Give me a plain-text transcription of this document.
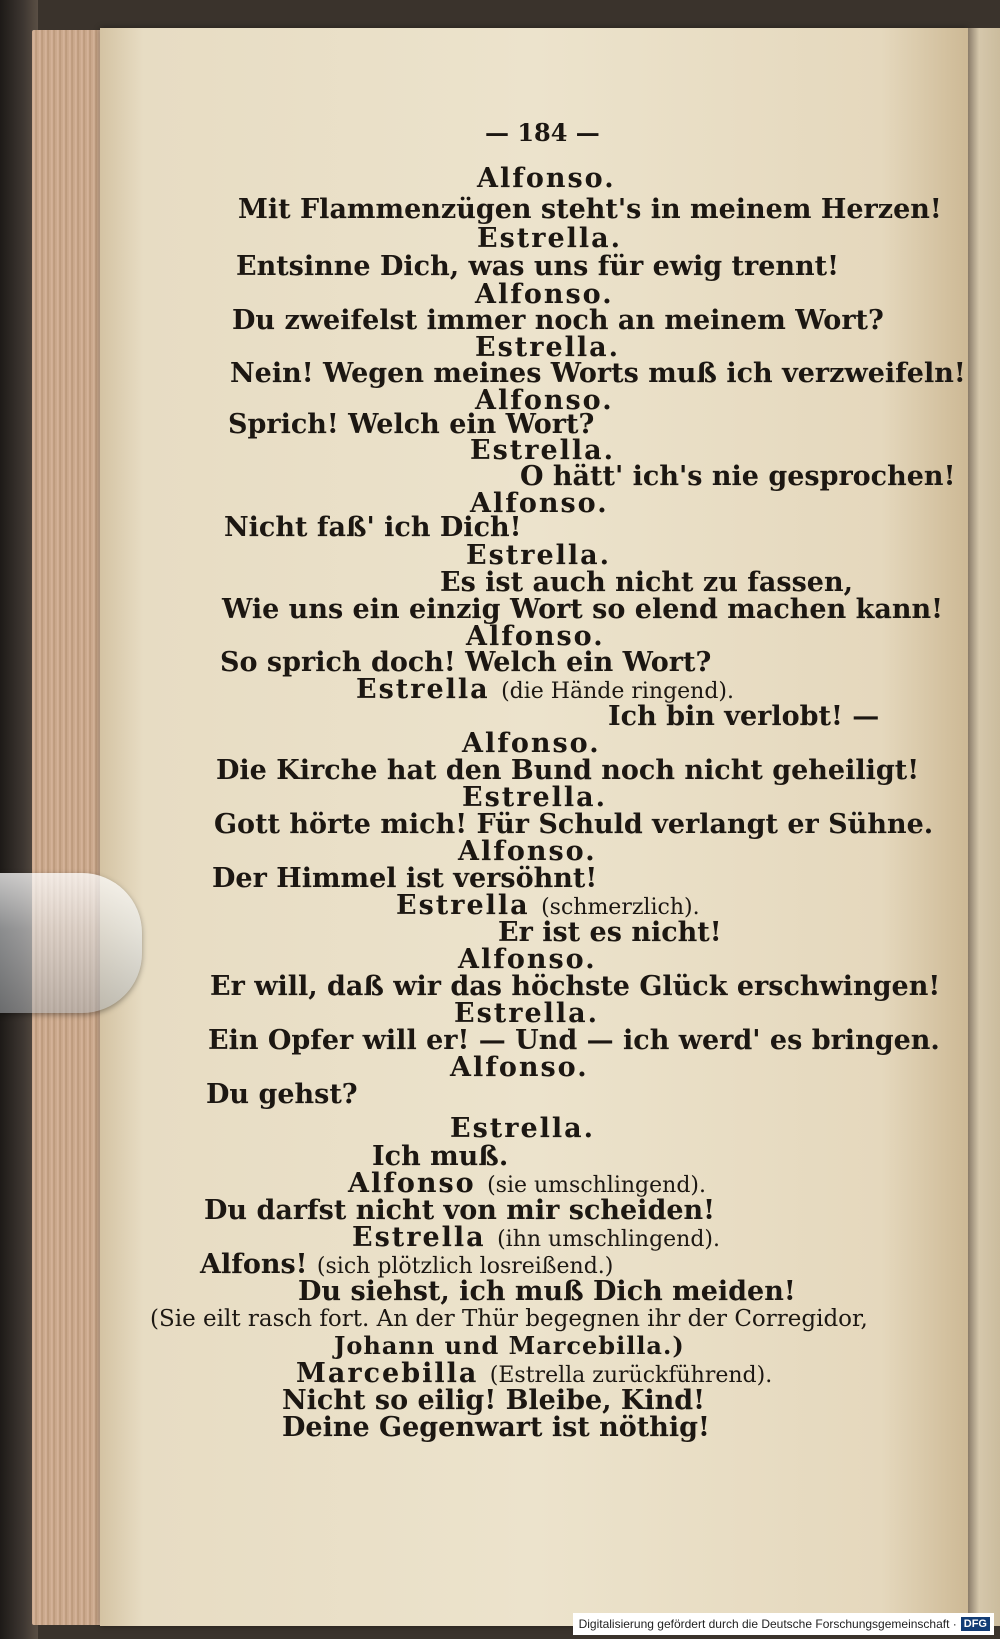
— 184 —
Alfonso.
Mit Flammenzügen steht's in meinem Herzen!
Estrella.
Entsinne Dich, was uns für ewig trennt!
Alfonso.
Du zweifelst immer noch an meinem Wort?
Estrella.
Nein! Wegen meines Worts muß ich verzweifeln!
Alfonso.
Sprich! Welch ein Wort?
Estrella.
O hätt' ich's nie gesprochen!
Alfonso.
Nicht faß' ich Dich!
Estrella.
Es ist auch nicht zu fassen,
Wie uns ein einzig Wort so elend machen kann!
Alfonso.
So sprich doch! Welch ein Wort?
Estrella (die Hände ringend).
Ich bin verlobt! —
Alfonso.
Die Kirche hat den Bund noch nicht geheiligt!
Estrella.
Gott hörte mich! Für Schuld verlangt er Sühne.
Alfonso.
Der Himmel ist versöhnt!
Estrella (schmerzlich).
Er ist es nicht!
Alfonso.
Er will, daß wir das höchste Glück erschwingen!
Estrella.
Ein Opfer will er! — Und — ich werd' es bringen.
Alfonso.
Du gehst?
Estrella.
Ich muß.
Alfonso (sie umschlingend).
Du darfst nicht von mir scheiden!
Estrella (ihn umschlingend).
Alfons! (sich plötzlich losreißend.)
Du siehst, ich muß Dich meiden!
(Sie eilt rasch fort. An der Thür begegnen ihr der Corregidor,
Johann und Marcebilla.)
Marcebilla (Estrella zurückführend).
Nicht so eilig! Bleibe, Kind!
Deine Gegenwart ist nöthig!
Digitalisierung gefördert durch die Deutsche Forschungsgemeinschaft · DFG
